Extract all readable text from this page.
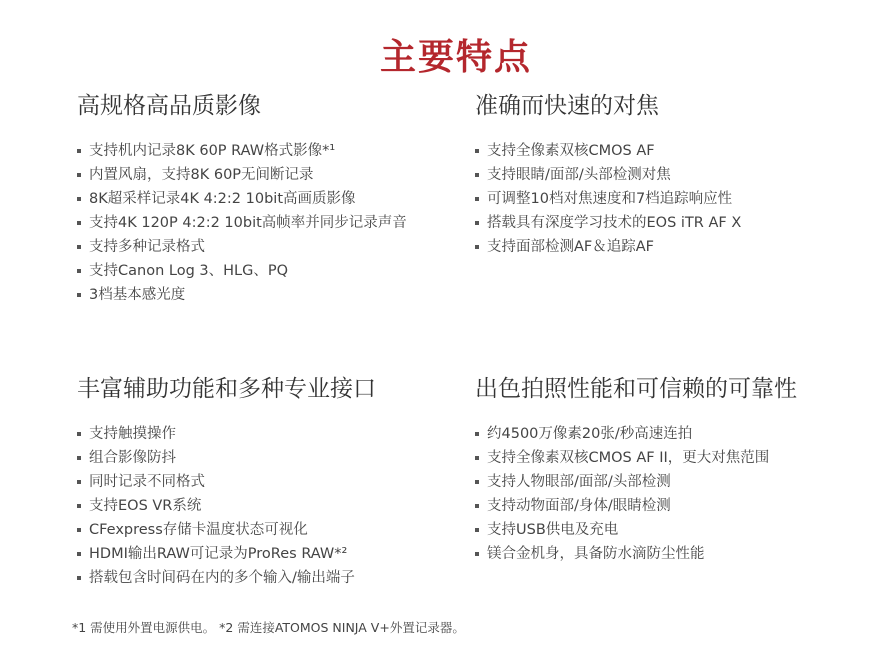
主要特点
高规格高品质影像
支持机内记录8K 60P RAW格式影像*¹
内置风扇，支持8K 60P无间断记录
8K超采样记录4K 4:2:2 10bit高画质影像
支持4K 120P 4:2:2 10bit高帧率并同步记录声音
支持多种记录格式
支持Canon Log 3、HLG、PQ
3档基本感光度
准确而快速的对焦
支持全像素双核CMOS AF
支持眼睛/面部/头部检测对焦
可调整10档对焦速度和7档追踪响应性
搭载具有深度学习技术的EOS iTR AF X
支持面部检测AF＆追踪AF
丰富辅助功能和多种专业接口
支持触摸操作
组合影像防抖
同时记录不同格式
支持EOS VR系统
CFexpress存储卡温度状态可视化
HDMI输出RAW可记录为ProRes RAW*²
搭载包含时间码在内的多个输入/输出端子
出色拍照性能和可信赖的可靠性
约4500万像素20张/秒高速连拍
支持全像素双核CMOS AF II，更大对焦范围
支持人物眼部/面部/头部检测
支持动物面部/身体/眼睛检测
支持USB供电及充电
镁合金机身，具备防水滴防尘性能
*1 需使用外置电源供电。 *2 需连接ATOMOS NINJA V+外置记录器。
